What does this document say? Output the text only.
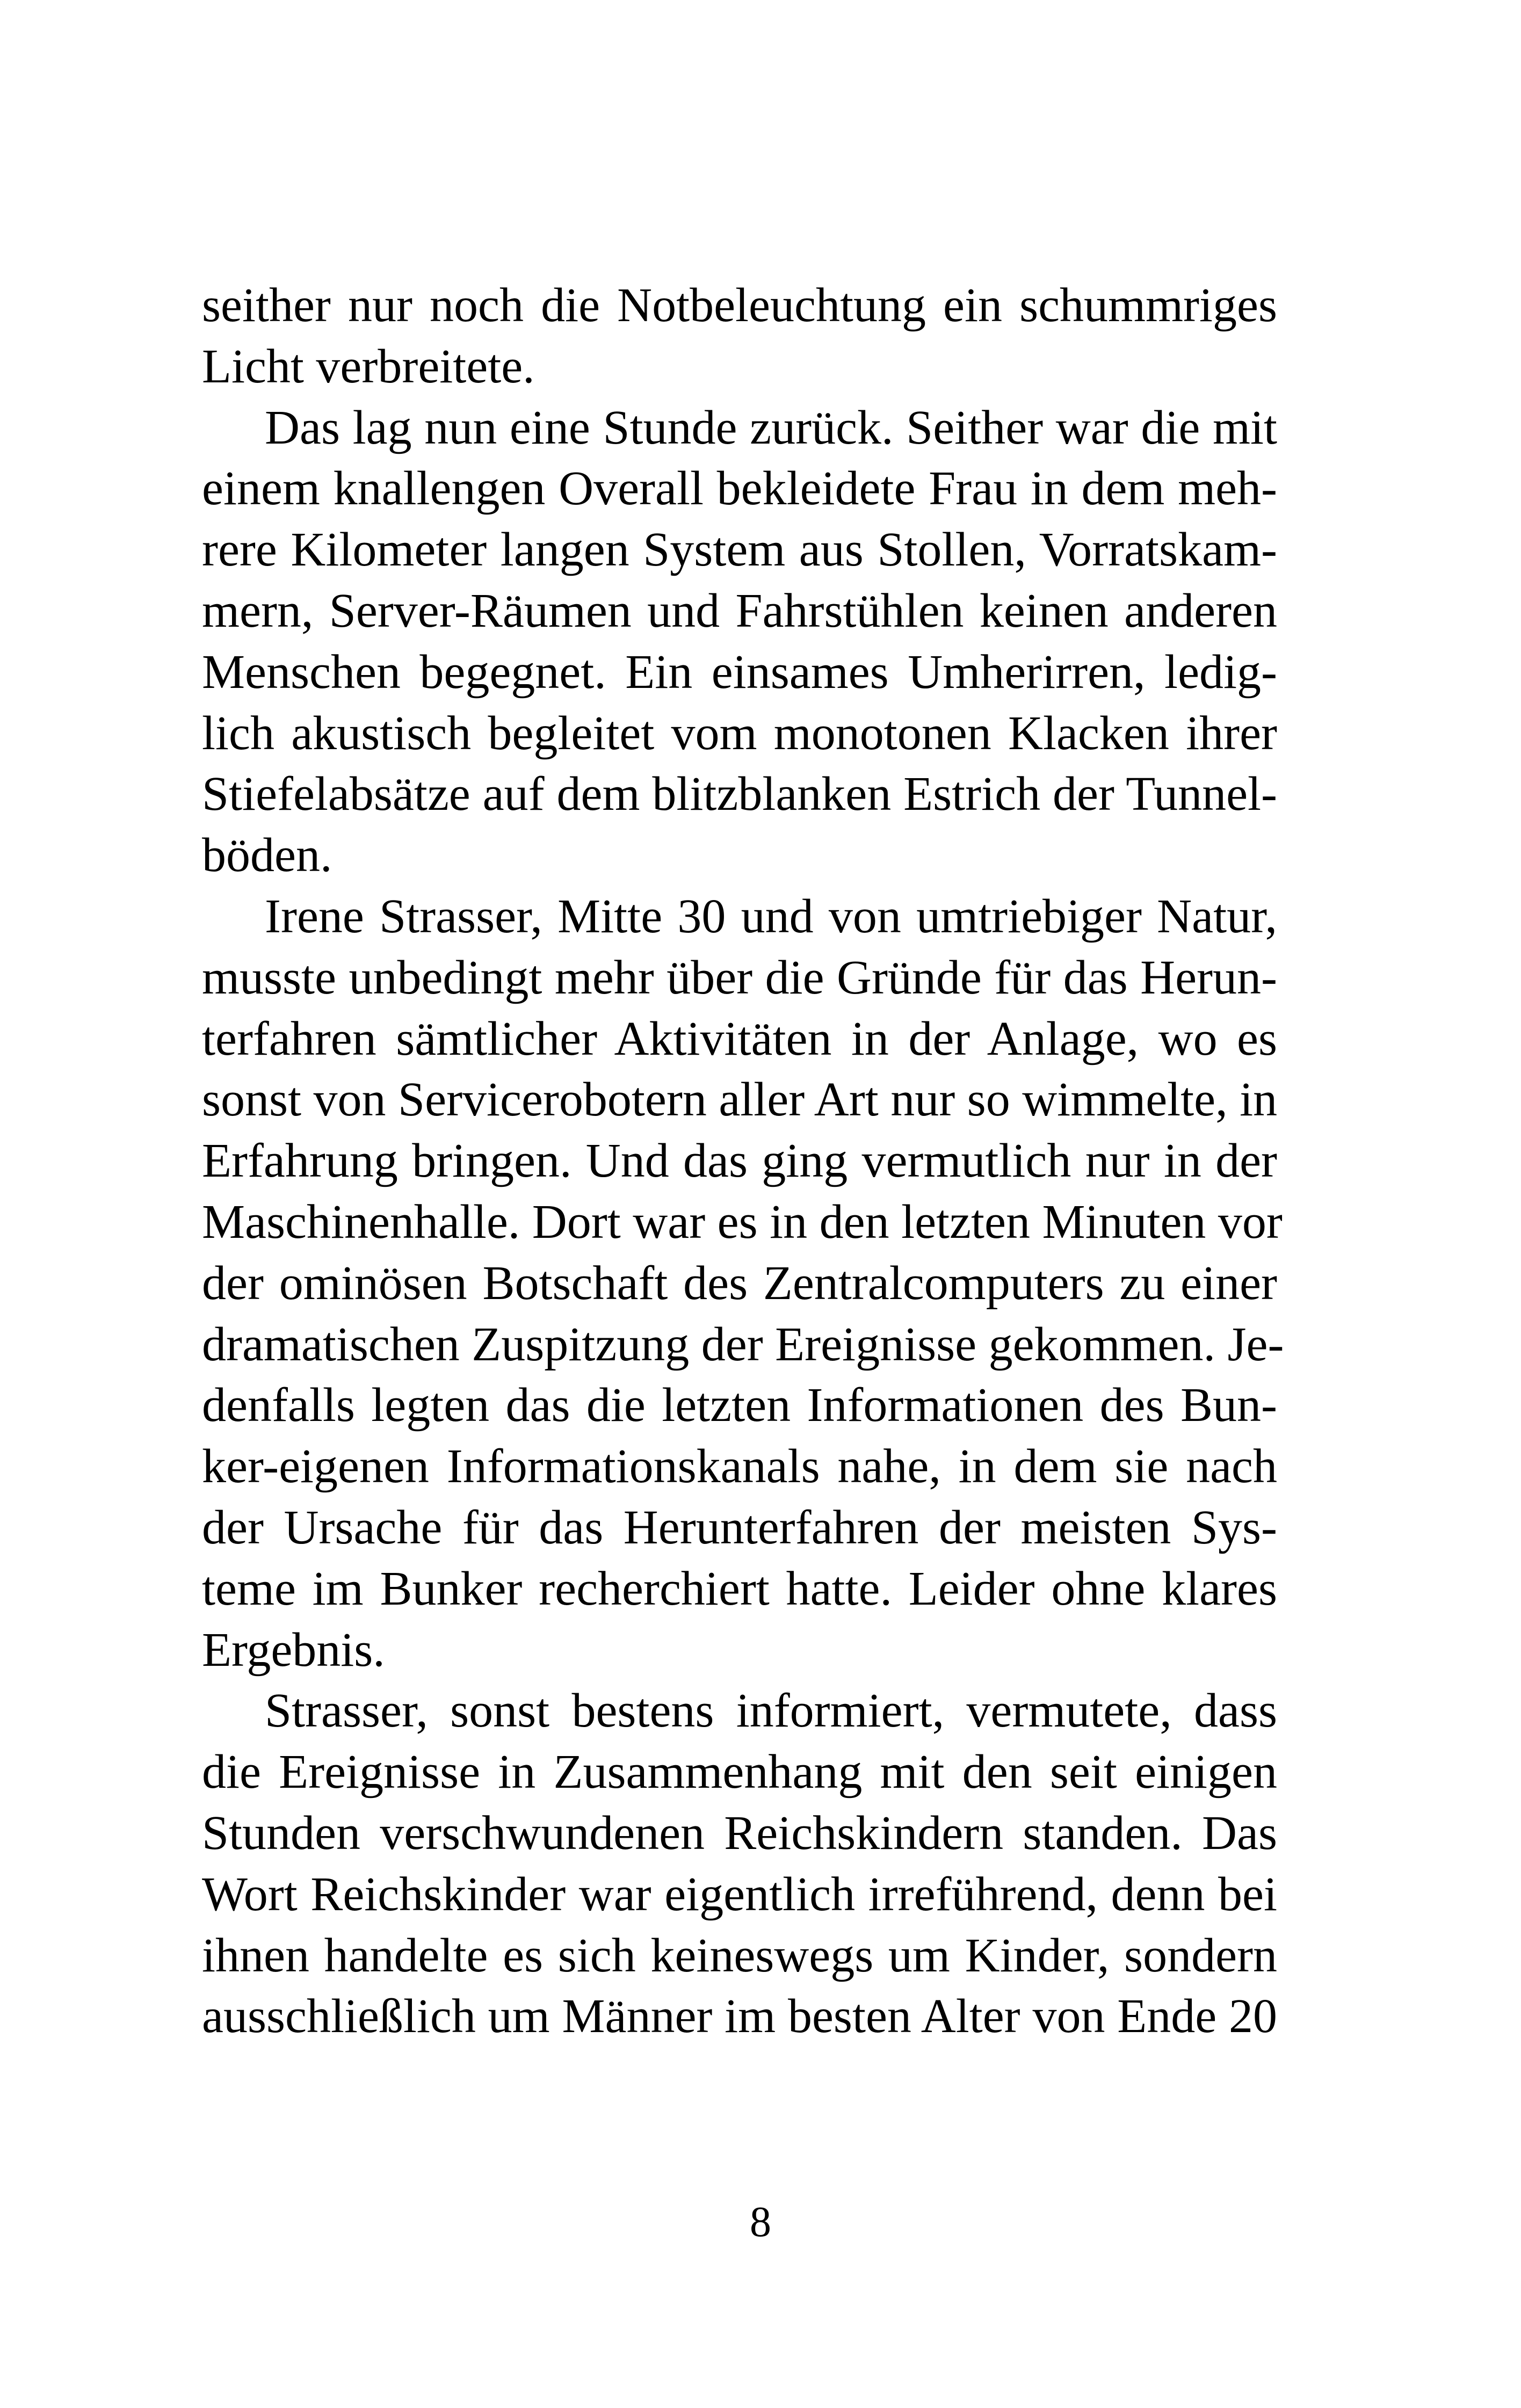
seither nur noch die Notbeleuchtung ein schummriges
Licht verbreitete.
Das lag nun eine Stunde zurück. Seither war die mit
einem knallengen Overall bekleidete Frau in dem meh-
rere Kilometer langen System aus Stollen, Vorratskam-
mern, Server-Räumen und Fahrstühlen keinen anderen
Menschen begegnet. Ein einsames Umherirren, ledig-
lich akustisch begleitet vom monotonen Klacken ihrer
Stiefelabsätze auf dem blitzblanken Estrich der Tunnel-
böden.
Irene Strasser, Mitte 30 und von umtriebiger Natur,
musste unbedingt mehr über die Gründe für das Herun-
terfahren sämtlicher Aktivitäten in der Anlage, wo es
sonst von Servicerobotern aller Art nur so wimmelte, in
Erfahrung bringen. Und das ging vermutlich nur in der
Maschinenhalle. Dort war es in den letzten Minuten vor
der ominösen Botschaft des Zentralcomputers zu einer
dramatischen Zuspitzung der Ereignisse gekommen. Je-
denfalls legten das die letzten Informationen des Bun-
ker-eigenen Informationskanals nahe, in dem sie nach
der Ursache für das Herunterfahren der meisten Sys-
teme im Bunker recherchiert hatte. Leider ohne klares
Ergebnis.
Strasser, sonst bestens informiert, vermutete, dass
die Ereignisse in Zusammenhang mit den seit einigen
Stunden verschwundenen Reichskindern standen. Das
Wort Reichskinder war eigentlich irreführend, denn bei
ihnen handelte es sich keineswegs um Kinder, sondern
ausschließlich um Männer im besten Alter von Ende 20
8
